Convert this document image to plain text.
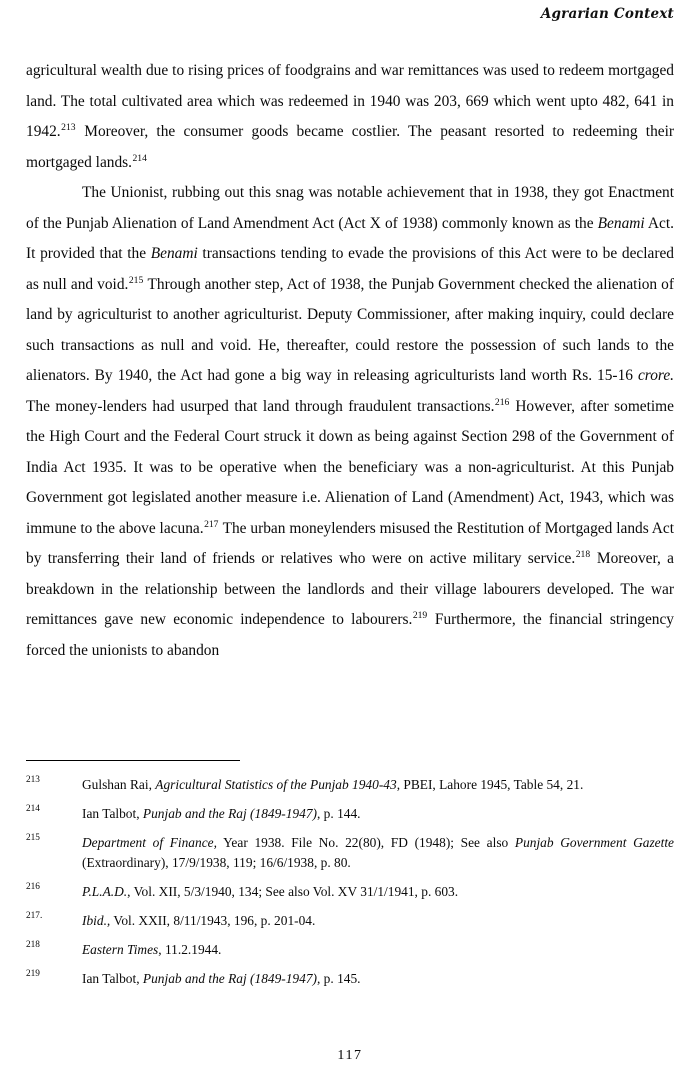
Agrarian Context

agricultural wealth due to rising prices of foodgrains and war remittances was used to redeem mortgaged land. The total cultivated area which was redeemed in 1940 was 203, 669 which went upto 482, 641 in 1942.$^{213}$ Moreover, the consumer goods became costlier. The peasant resorted to redeeming their mortgaged lands.$^{214}$

The Unionist, rubbing out this snag was notable achievement that in 1938, they got Enactment of the Punjab Alienation of Land Amendment Act (Act X of 1938) commonly known as the Benami Act. It provided that the Benami transactions tending to evade the provisions of this Act were to be declared as null and void.$^{215}$ Through another step, Act of 1938, the Punjab Government checked the alienation of land by agriculturist to another agriculturist. Deputy Commissioner, after making inquiry, could declare such transactions as null and void. He, thereafter, could restore the possession of such lands to the alienators. By 1940, the Act had gone a big way in releasing agriculturists land worth Rs. 15-16 crore. The money-lenders had usurped that land through fraudulent transactions.$^{216}$ However, after sometime the High Court and the Federal Court struck it down as being against Section 298 of the Government of India Act 1935. It was to be operative when the beneficiary was a non-agriculturist. At this Punjab Government got legislated another measure i.e. Alienation of Land (Amendment) Act, 1943, which was immune to the above lacuna.$^{217}$ The urban moneylenders misused the Restitution of Mortgaged lands Act by transferring their land of friends or relatives who were on active military service.$^{218}$ Moreover, a breakdown in the relationship between the landlords and their village labourers developed. The war remittances gave new economic independence to labourers.$^{219}$ Furthermore, the financial stringency forced the unionists to abandon

213	Gulshan Rai, Agricultural Statistics of the Punjab 1940-43, PBEI, Lahore 1945, Table 54, 21.
214	Ian Talbot, Punjab and the Raj (1849-1947), p. 144.
215	Department of Finance, Year 1938. File No. 22(80), FD (1948); See also Punjab Government Gazette (Extraordinary), 17/9/1938, 119; 16/6/1938, p. 80.
216	P.L.A.D., Vol. XII, 5/3/1940, 134; See also Vol. XV 31/1/1941, p. 603.
217.	Ibid., Vol. XXII, 8/11/1943, 196, p. 201-04.
218	Eastern Times, 11.2.1944.
219	Ian Talbot, Punjab and the Raj (1849-1947), p. 145.
117
